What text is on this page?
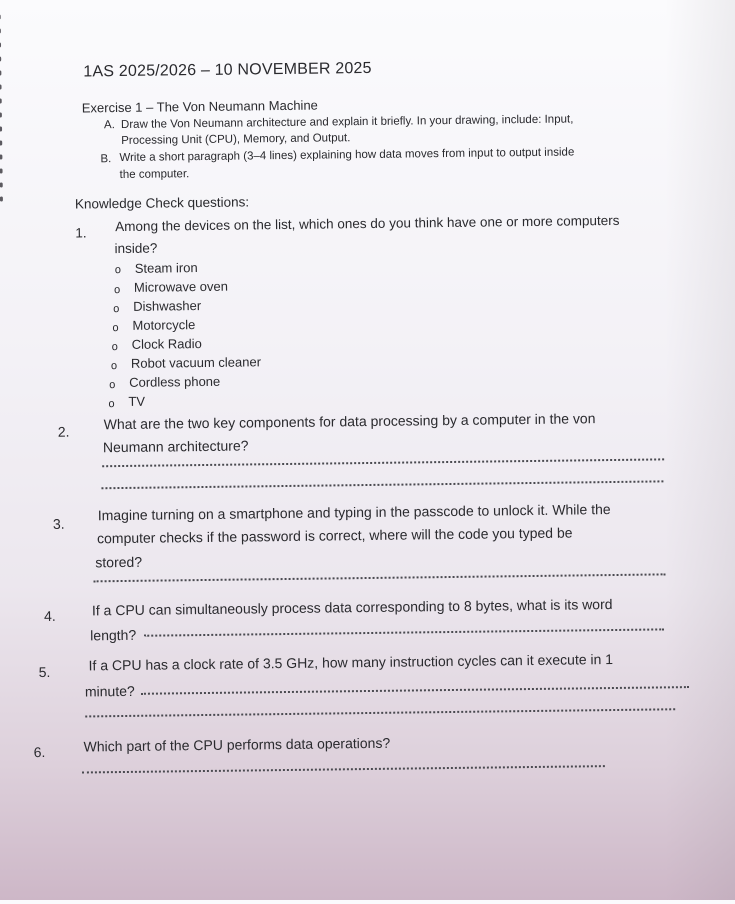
1AS 2025/2026 – 10 NOVEMBER 2025
Exercise 1 – The Von Neumann Machine
A. Draw the Von Neumann architecture and explain it briefly. In your drawing, include: Input,
Processing Unit (CPU), Memory, and Output.
B. Write a short paragraph (3–4 lines) explaining how data moves from input to output inside
the computer.
Knowledge Check questions:
1. Among the devices on the list, which ones do you think have one or more computers
inside?
o Steam iron
o Microwave oven
o Dishwasher
o Motorcycle
o Clock Radio
o Robot vacuum cleaner
o Cordless phone
o TV
2. What are the two key components for data processing by a computer in the von
Neumann architecture?
3.
Imagine turning on a smartphone and typing in the passcode to unlock it. While the
computer checks if the password is correct, where will the code you typed be
stored?
4.	If a CPU can simultaneously process data corresponding to 8 bytes, what is its word
length?
5.	If a CPU has a clock rate of 3.5 GHz, how many instruction cycles can it execute in 1
minute?
6.	Which part of the CPU performs data operations?
